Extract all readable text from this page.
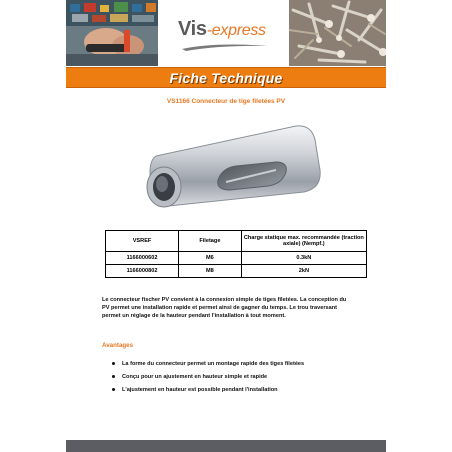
Vis-express
Fiche Technique
VS1166 Connecteur de tige filetées PV
VSREF	Filetage	Charge statique max. recommandée (traction axiale) (Nempf.)
1166000602	M6	0.3kN
1166000802	M8	2kN
Le connecteur fischer PV convient à la connexion simple de tiges filetées. La conception du PV permet une installation rapide et permet ainsi de gagner du temps. Le trou traversant permet un réglage de la hauteur pendant l'installation à tout moment.
Avantages
La forme du connecteur permet un montage rapide des tiges filetées
Conçu pour un ajustement en hauteur simple et rapide
L'ajustement en hauteur est possible pendant l'installation
